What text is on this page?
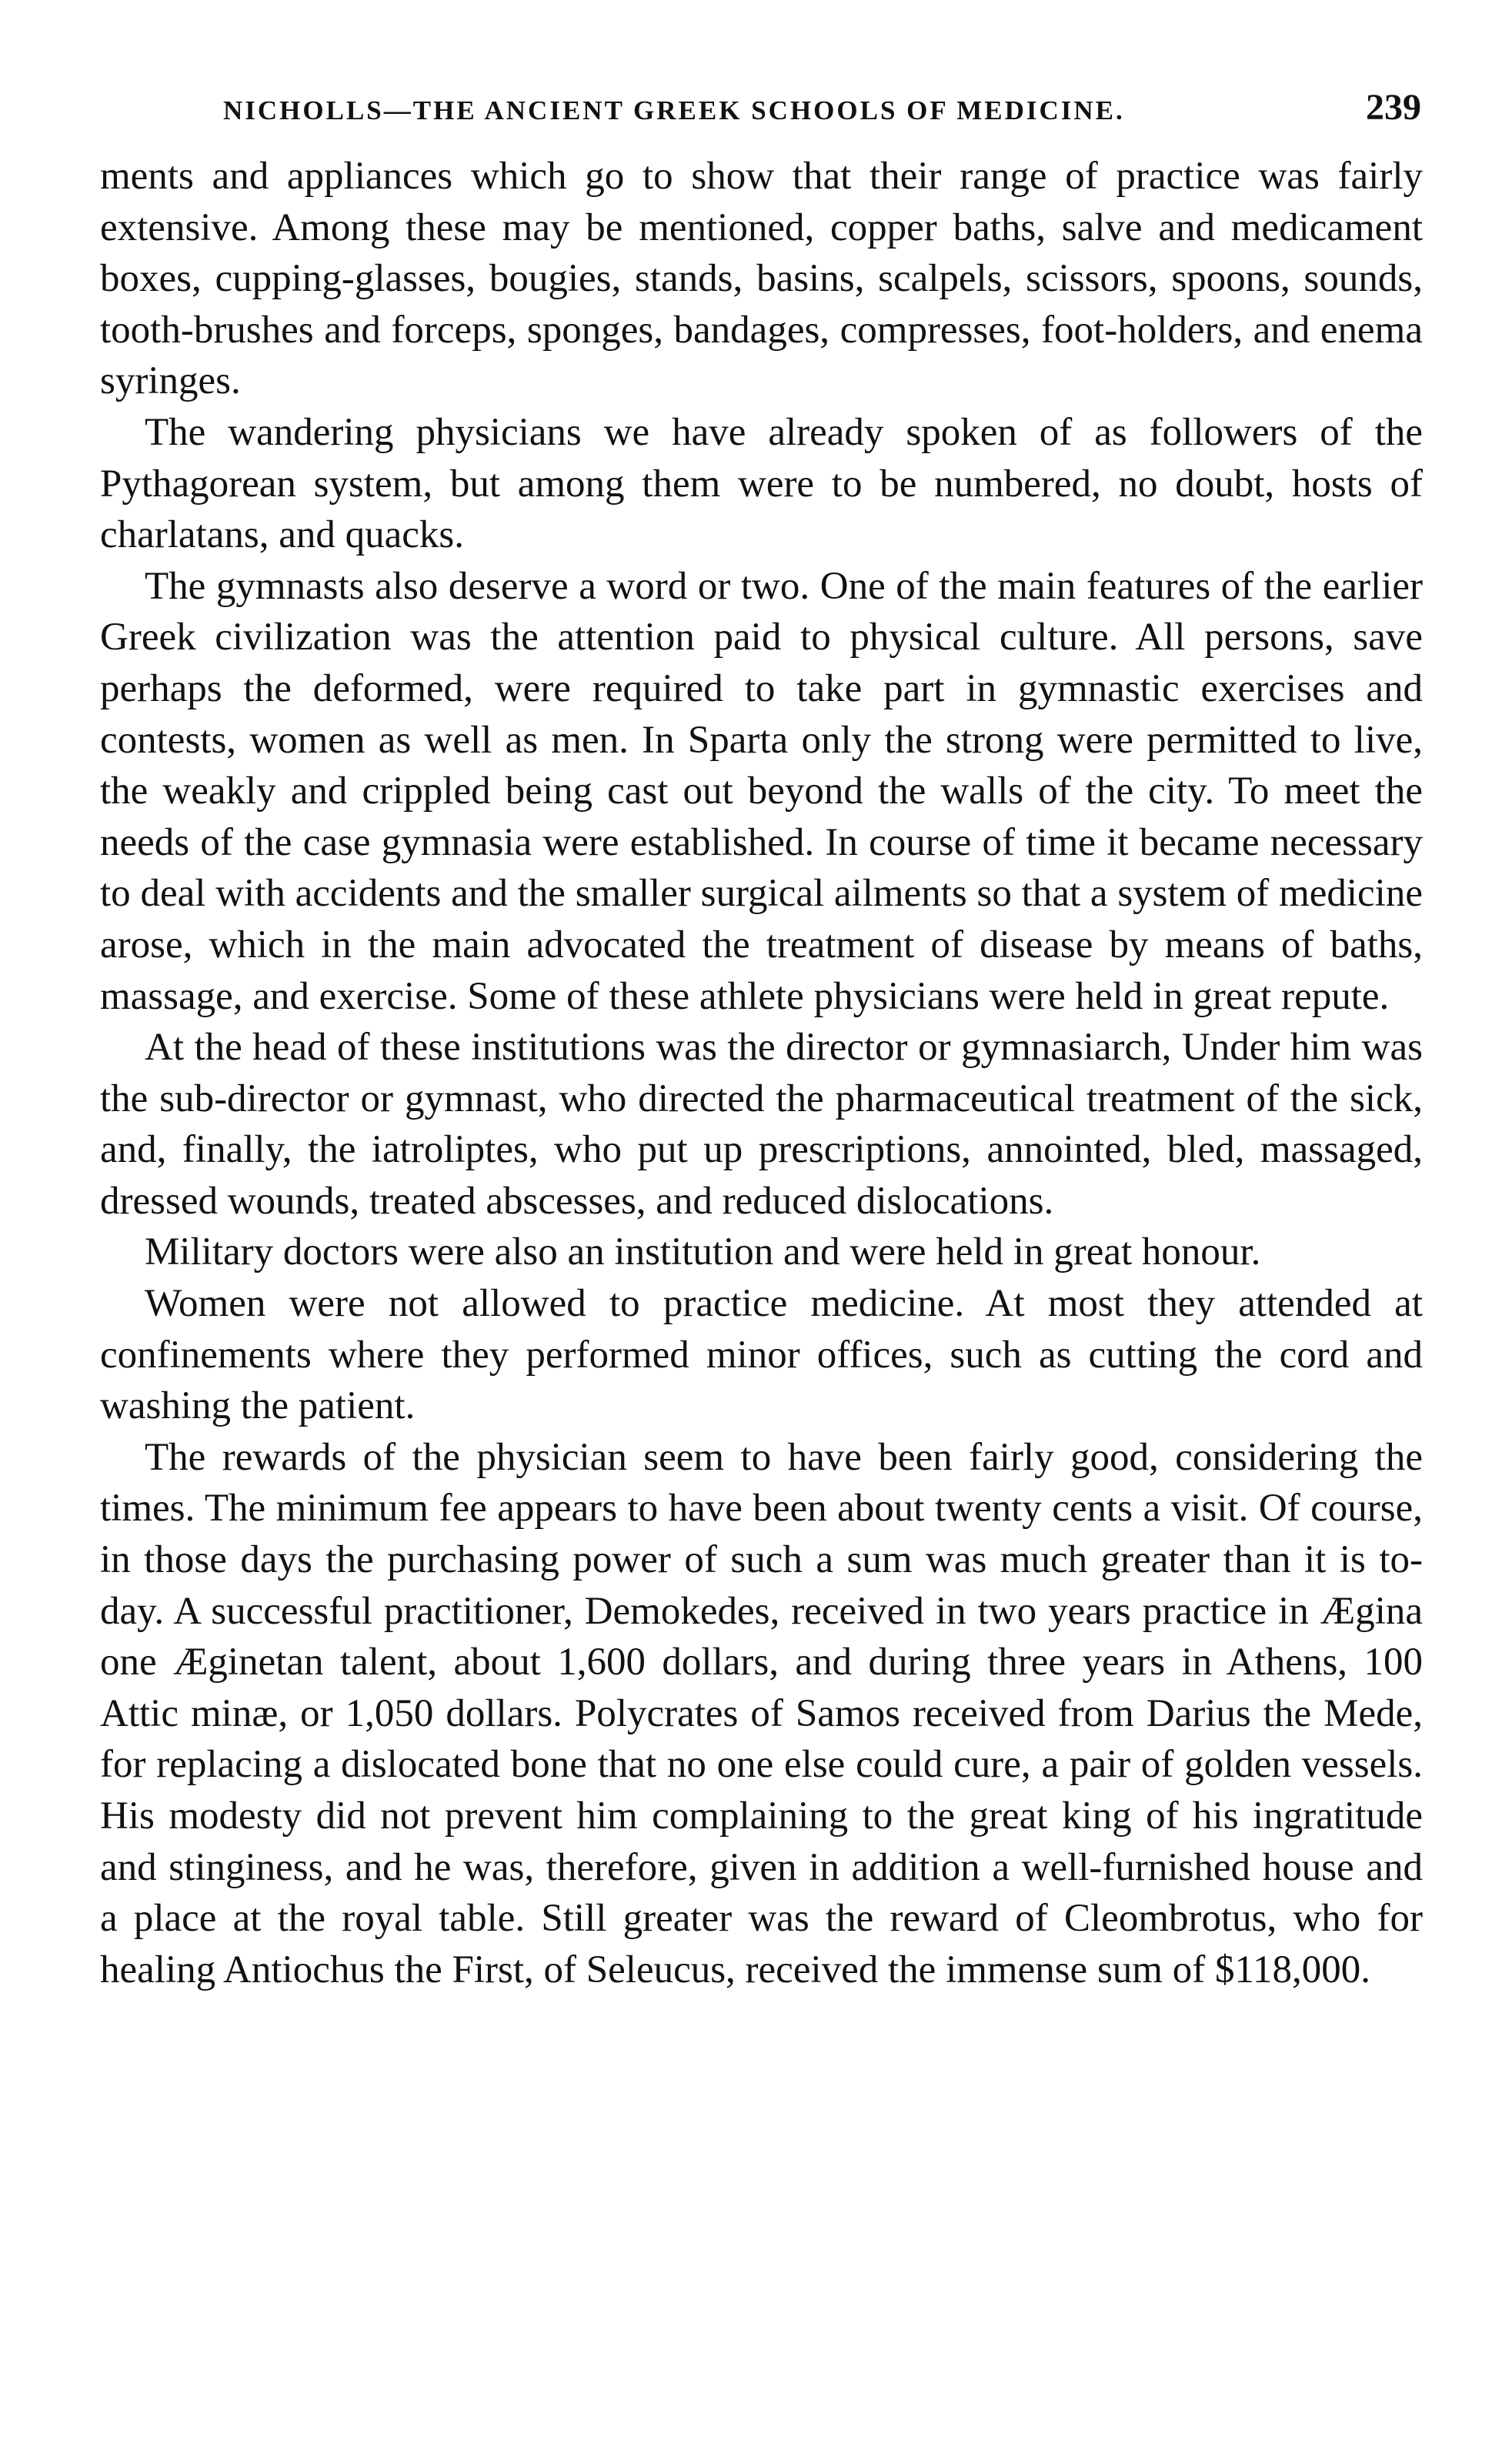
NICHOLLS—THE ANCIENT GREEK SCHOOLS OF MEDICINE.	239

ments and appliances which go to show that their range of practice was fairly extensive. Among these may be mentioned, copper baths, salve and medicament boxes, cupping-glasses, bougies, stands, basins, scalpels, scissors, spoons, sounds, tooth-brushes and forceps, sponges, bandages, compresses, foot-holders, and enema syringes.

The wandering physicians we have already spoken of as followers of the Pythagorean system, but among them were to be numbered, no doubt, hosts of charlatans, and quacks.

The gymnasts also deserve a word or two. One of the main features of the earlier Greek civilization was the attention paid to physical culture. All persons, save perhaps the deformed, were required to take part in gymnastic exercises and contests, women as well as men. In Sparta only the strong were permitted to live, the weakly and crippled being cast out beyond the walls of the city. To meet the needs of the case gymnasia were established. In course of time it became necessary to deal with accidents and the smaller surgical ailments so that a system of medicine arose, which in the main advocated the treatment of disease by means of baths, massage, and exercise. Some of these athlete physicians were held in great repute.

At the head of these institutions was the director or gymnasiarch, Under him was the sub-director or gymnast, who directed the pharmaceutical treatment of the sick, and, finally, the iatroliptes, who put up prescriptions, annointed, bled, massaged, dressed wounds, treated abscesses, and reduced dislocations.

Military doctors were also an institution and were held in great honour.

Women were not allowed to practice medicine. At most they attended at confinements where they performed minor offices, such as cutting the cord and washing the patient.

The rewards of the physician seem to have been fairly good, considering the times. The minimum fee appears to have been about twenty cents a visit. Of course, in those days the purchasing power of such a sum was much greater than it is to-day. A successful practitioner, Demokedes, received in two years practice in Ægina one Æginetan talent, about 1,600 dollars, and during three years in Athens, 100 Attic minæ, or 1,050 dollars. Polycrates of Samos received from Darius the Mede, for replacing a dislocated bone that no one else could cure, a pair of golden vessels. His modesty did not prevent him complaining to the great king of his ingratitude and stinginess, and he was, therefore, given in addition a well-furnished house and a place at the royal table. Still greater was the reward of Cleombrotus, who for healing Antiochus the First, of Seleucus, received the immense sum of $118,000.
